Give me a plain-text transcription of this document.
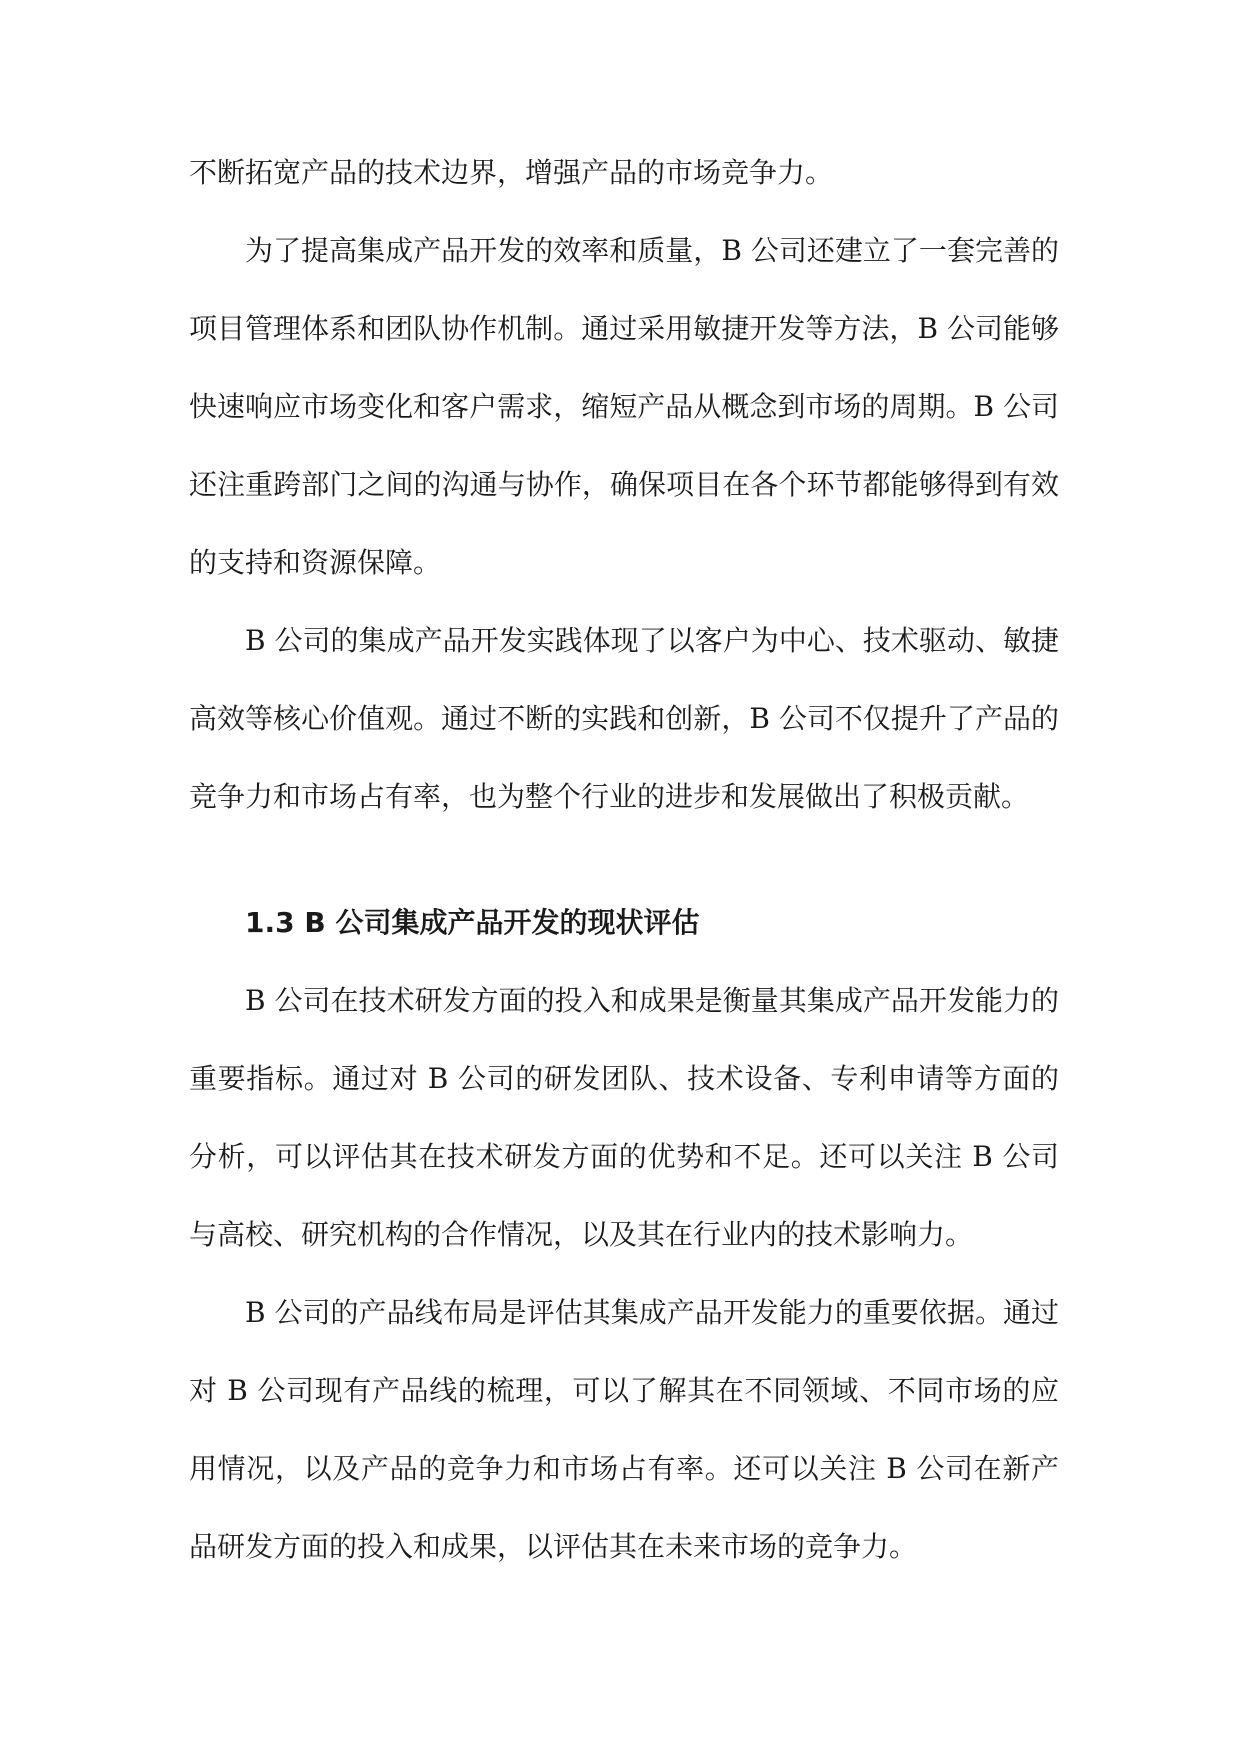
不断拓宽产品的技术边界，增强产品的市场竞争力。

为了提高集成产品开发的效率和质量，B 公司还建立了一套完善的项目管理体系和团队协作机制。通过采用敏捷开发等方法，B 公司能够快速响应市场变化和客户需求，缩短产品从概念到市场的周期。B 公司还注重跨部门之间的沟通与协作，确保项目在各个环节都能够得到有效的支持和资源保障。

B 公司的集成产品开发实践体现了以客户为中心、技术驱动、敏捷高效等核心价值观。通过不断的实践和创新，B 公司不仅提升了产品的竞争力和市场占有率，也为整个行业的进步和发展做出了积极贡献。

1.3 B 公司集成产品开发的现状评估

B 公司在技术研发方面的投入和成果是衡量其集成产品开发能力的重要指标。通过对 B 公司的研发团队、技术设备、专利申请等方面的分析，可以评估其在技术研发方面的优势和不足。还可以关注 B 公司与高校、研究机构的合作情况，以及其在行业内的技术影响力。

B 公司的产品线布局是评估其集成产品开发能力的重要依据。通过对 B 公司现有产品线的梳理，可以了解其在不同领域、不同市场的应用情况，以及产品的竞争力和市场占有率。还可以关注 B 公司在新产品研发方面的投入和成果，以评估其在未来市场的竞争力。
